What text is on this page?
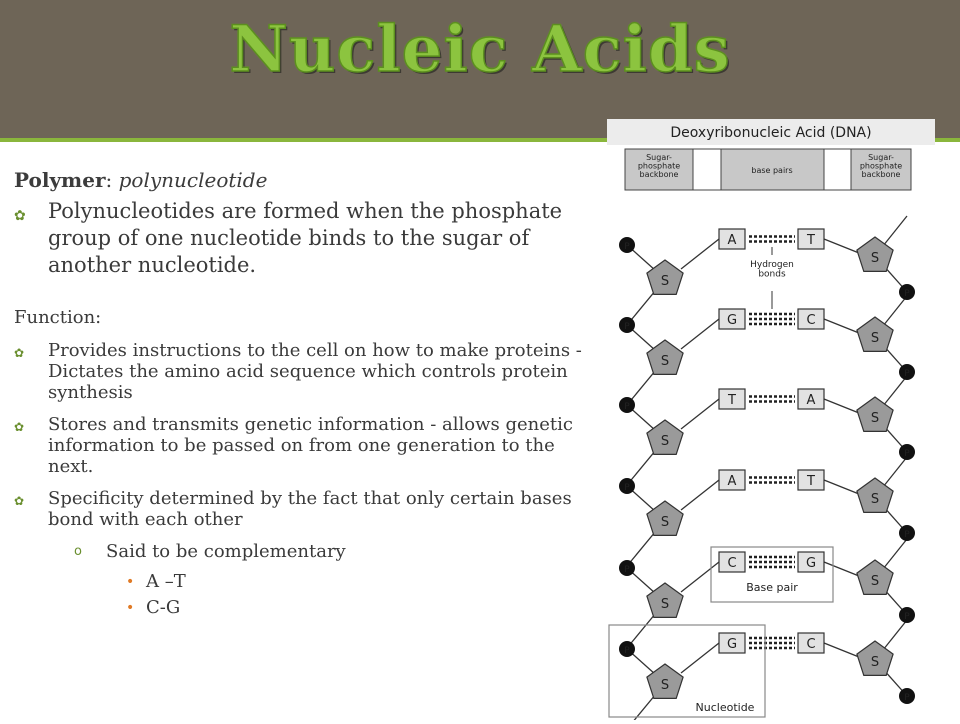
Nucleic Acids

Polymer: polynucleotide

✿ Polynucleotides are formed when the phosphate group of one nucleotide binds to the sugar of another nucleotide.

Function:

✿ Provides instructions to the cell on how to make proteins - Dictates the amino acid sequence which controls protein synthesis
✿ Stores and transmits genetic information - allows genetic information to be passed on from one generation to the next.
✿ Specificity determined by the fact that only certain bases bond with each other
o Said to be complementary
• A –T
• C-G
Deoxyribonucleic Acid (DNA)
Sugar-phosphate backbone	base pairs
Sugar-phosphate backbone
P
S
S
P
A	T
P
S
S
P
G	C
P
S
S
P
T	A
P
S
S
P
A	T
P
S
S
P
C	G
P
S
S
P
G	C
Hydrogen bonds
Base pair
Nucleotide
